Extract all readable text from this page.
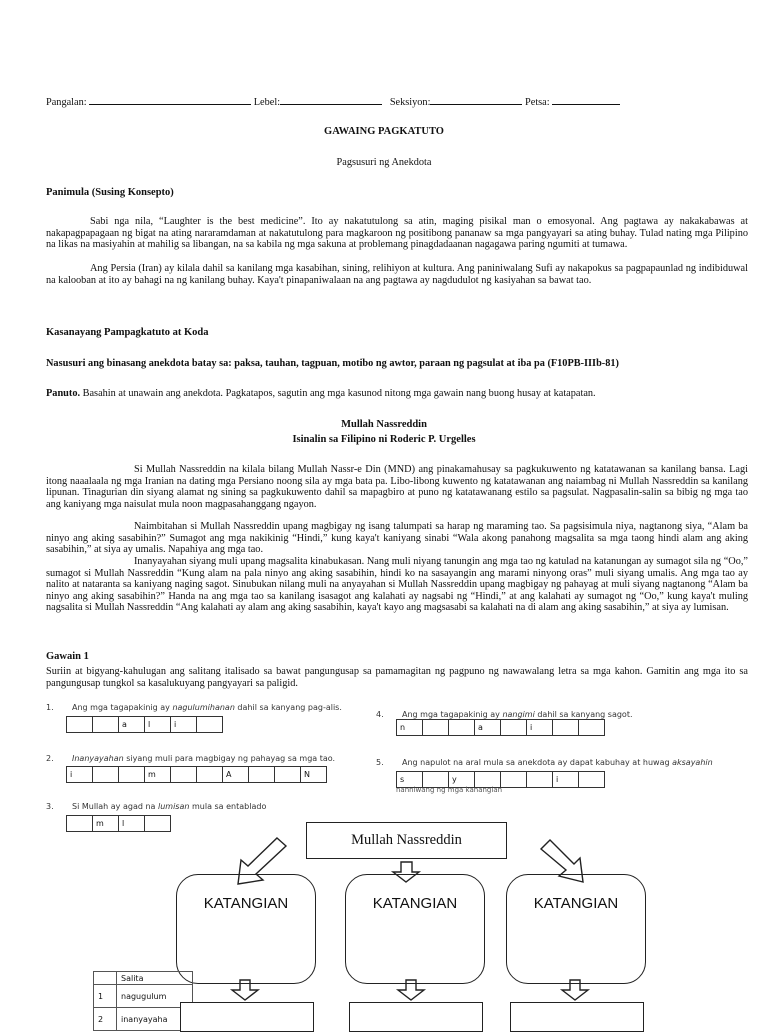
Pangalan:	Lebel:	Seksiyon:	Petsa:
GAWAING PAGKATUTO
Pagsusuri ng Anekdota
Panimula (Susing Konsepto)
Sabi nga nila, “Laughter is the best medicine”. Ito ay nakatutulong sa atin, maging pisikal man o emosyonal. Ang pagtawa ay nakakabawas at nakapagpapagaan ng bigat na ating nararamdaman at nakatutulong para magkaroon ng positibong pananaw sa mga pangyayari sa ating buhay. Tulad nating mga Pilipino na likas na masiyahin at mahilig sa libangan, na sa kabila ng mga sakuna at problemang pinagdadaanan nagagawa paring ngumiti at tumawa.
Ang Persia (Iran) ay kilala dahil sa kanilang mga kasabihan, sining, relihiyon at kultura. Ang paniniwalang Sufi ay nakapokus sa pagpapaunlad ng indibiduwal na kalooban at ito ay bahagi na ng kanilang buhay. Kaya't pinapaniwalaan na ang pagtawa ay nagdudulot ng kasiyahan sa bawat tao.
Kasanayang Pampagkatuto at Koda
Nasusuri ang binasang anekdota batay sa: paksa, tauhan, tagpuan, motibo ng awtor, paraan ng pagsulat at iba pa (F10PB-IIIb-81)
Panuto. Basahin at unawain ang anekdota. Pagkatapos, sagutin ang mga kasunod nitong mga gawain nang buong husay at katapatan.
Mullah Nassreddin
Isinalin sa Filipino ni Roderic P. Urgelles
Si Mullah Nassreddin na kilala bilang Mullah Nassr-e Din (MND) ang pinakamahusay sa pagkukuwento ng katatawanan sa kanilang bansa. Lagi itong naaalaala ng mga Iranian na dating mga Persiano noong sila ay mga bata pa. Libo-libong kuwento ng katatawanan ang naiambag ni Mullah Nassreddin sa kanilang lipunan. Tinagurian din siyang alamat ng sining sa pagkukuwento dahil sa mapagbiro at puno ng katatawanang estilo sa pagsulat. Nagpasalin-salin sa bibig ng mga tao ang kaniyang mga naisulat mula noon magpasahanggang ngayon.
Naimbitahan si Mullah Nassreddin upang magbigay ng isang talumpati sa harap ng maraming tao. Sa pagsisimula niya, nagtanong siya, “Alam ba ninyo ang aking sasabihin?” Sumagot ang mga nakikinig “Hindi,” kung kaya't kaniyang sinabi “Wala akong panahong magsalita sa mga taong hindi alam ang aking sasabihin,” at siya ay umalis. Napahiya ang mga tao.
Inanyayahan siyang muli upang magsalita kinabukasan. Nang muli niyang tanungin ang mga tao ng katulad na katanungan ay sumagot sila ng “Oo,” sumagot si Mullah Nassreddin “Kung alam na pala ninyo ang aking sasabihin, hindi ko na sasayangin ang marami ninyong oras” muli siyang umalis. Ang mga tao ay nalito at nataranta sa kaniyang naging sagot. Sinubukan nilang muli na anyayahan si Mullah Nassreddin upang magbigay ng pahayag at muli siyang nagtanong “Alam ba ninyo ang aking sasabihin?” Handa na ang mga tao sa kanilang isasagot ang kalahati ay nagsabi ng “Hindi,” at ang kalahati ay sumagot ng “Oo,” kung kaya't muling nagsalita si Mullah Nassreddin “Ang kalahati ay alam ang aking sasabihin, kaya't kayo ang magsasabi sa kalahati na di alam ang aking sasabihin,” at siya ay lumisan.
Gawain 1
Suriin at bigyang-kahulugan ang salitang italisado sa bawat pangungusap sa pamamagitan ng pagpuno ng nawawalang letra sa mga kahon. Gamitin ang mga ito sa pangungusap tungkol sa kasalukuyang pangyayari sa paligid.
1. Ang mga tagapakinig ay nagulumihanan dahil sa kanyang pag-alis.
		a	l	i	
2. Inanyayahan siyang muli para magbigay ng pahayag sa mga tao.
i			m			A			N
3. Si Mullah ay agad na lumisan mula sa entablado
	m	l	
4. Ang mga tagapakinig ay nangimi dahil sa kanyang sagot.
n			a		i		
5. Ang napulot na aral mula sa anekdota ay dapat kabuhay at huwag aksayahin
s		y				i	
nanniwang ng mga kanangian
Mullah Nassreddin
KATANGIAN	KATANGIAN	KATANGIAN
	Salita
1	nagugulum
2	inanyayaha
